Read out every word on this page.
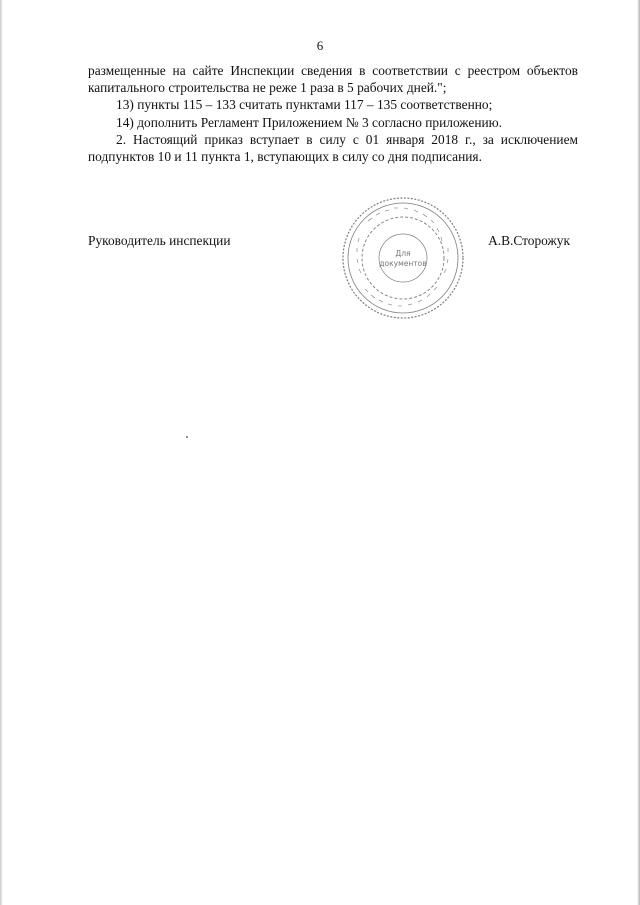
6

размещенные на сайте Инспекции сведения в соответствии с реестром объектов капитального строительства не реже 1 раза в 5 рабочих дней.";

13) пункты 115 – 133 считать пунктами 117 – 135 соответственно;

14) дополнить Регламент Приложением № 3 согласно приложению.

2. Настоящий приказ вступает в силу с 01 января 2018 г., за исключением подпунктов 10 и 11 пункта 1, вступающих в силу со дня подписания.

Для
документов
Руководитель инспекции	А.В.Сторожук
